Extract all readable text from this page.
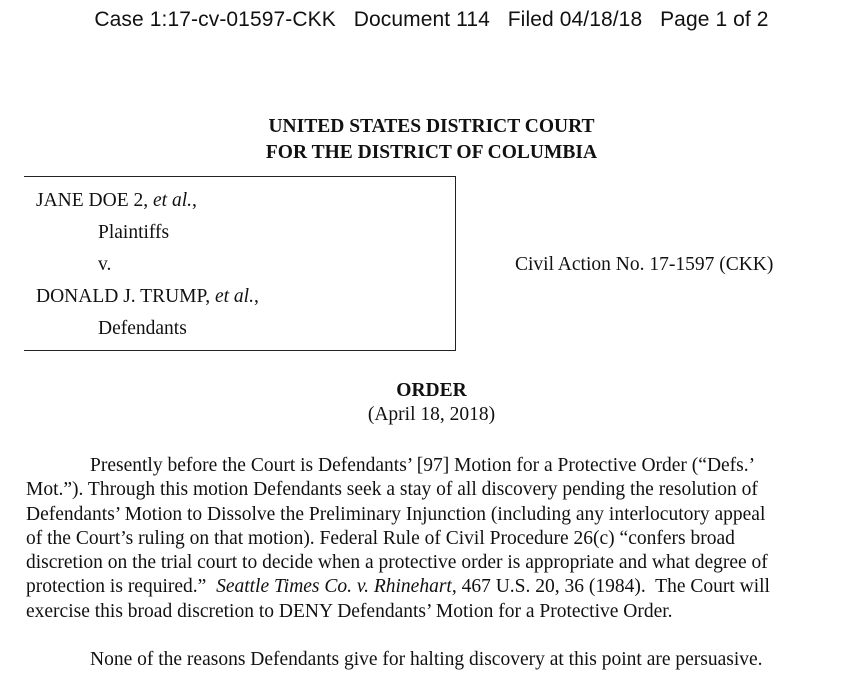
Case 1:17-cv-01597-CKK Document 114 Filed 04/18/18 Page 1 of 2
UNITED STATES DISTRICT COURT
FOR THE DISTRICT OF COLUMBIA
JANE DOE 2, et al.,
Plaintiffs
v.
DONALD J. TRUMP, et al.,
Defendants
Civil Action No. 17-1597 (CKK)
ORDER
(April 18, 2018)
Presently before the Court is Defendants’ [97] Motion for a Protective Order (“Defs.’
Mot.”). Through this motion Defendants seek a stay of all discovery pending the resolution of
Defendants’ Motion to Dissolve the Preliminary Injunction (including any interlocutory appeal
of the Court’s ruling on that motion). Federal Rule of Civil Procedure 26(c) “confers broad
discretion on the trial court to decide when a protective order is appropriate and what degree of
protection is required.”  Seattle Times Co. v. Rhinehart, 467 U.S. 20, 36 (1984).  The Court will
exercise this broad discretion to DENY Defendants’ Motion for a Protective Order.
None of the reasons Defendants give for halting discovery at this point are persuasive.
